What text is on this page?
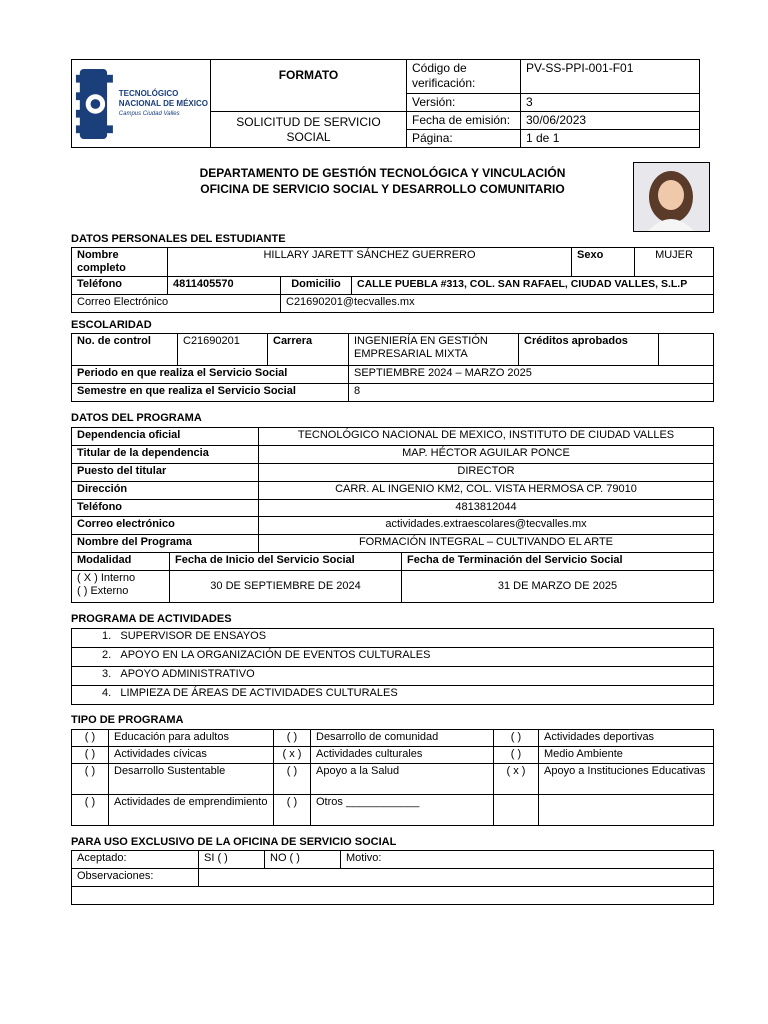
TECNOLÓGICO
NACIONAL DE MÉXICO
Campus Ciudad Valles	FORMATO	Código de verificación:	PV-SS-PPI-001-F01
		Versión:	3
	SOLICITUD DE SERVICIO SOCIAL	Fecha de emisión:	30/06/2023
		Página:	1 de 1
DEPARTAMENTO DE GESTIÓN TECNOLÓGICA Y VINCULACIÓN
OFICINA DE SERVICIO SOCIAL Y DESARROLLO COMUNITARIO
DATOS PERSONALES DEL ESTUDIANTE
Nombre completo	HILLARY JARETT SÁNCHEZ GUERRERO			Sexo	MUJER
Teléfono	4811405570	Domicilio	CALLE PUEBLA #313, COL. SAN RAFAEL, CIUDAD VALLES, S.L.P		
Correo Electrónico		C21690201@tecvalles.mx			
ESCOLARIDAD
No. de control	C21690201	Carrera	INGENIERÍA EN GESTIÓN EMPRESARIAL MIXTA	Créditos aprobados	
Periodo en que realiza el Servicio Social			SEPTIEMBRE 2024 – MARZO 2025		
Semestre en que realiza el Servicio Social			8		
DATOS DEL PROGRAMA
Dependencia oficial		TECNOLÓGICO NACIONAL DE MEXICO, INSTITUTO DE CIUDAD VALLES	
Titular de la dependencia		MAP. HÉCTOR AGUILAR PONCE	
Puesto del titular		DIRECTOR	
Dirección		CARR. AL INGENIO KM2, COL. VISTA HERMOSA CP. 79010	
Teléfono		4813812044	
Correo electrónico		actividades.extraescolares@tecvalles.mx	
Nombre del Programa		FORMACIÓN INTEGRAL – CULTIVANDO EL ARTE	
Modalidad	Fecha de Inicio del Servicio Social		Fecha de Terminación del Servicio Social

( X ) Interno
( ) Externo	30 DE SEPTIEMBRE DE 2024		31 DE MARZO DE 2025
PROGRAMA DE ACTIVIDADES
1. SUPERVISOR DE ENSAYOS
2. APOYO EN LA ORGANIZACIÓN DE EVENTOS CULTURALES
3. APOYO ADMINISTRATIVO
4. LIMPIEZA DE ÁREAS DE ACTIVIDADES CULTURALES
TIPO DE PROGRAMA
( )	Educación para adultos	( )	Desarrollo de comunidad	( )	Actividades deportivas
( )	Actividades cívicas	( x )	Actividades culturales	( )	Medio Ambiente
( )	Desarrollo Sustentable	( )	Apoyo a la Salud	( x )	Apoyo a Instituciones Educativas
( )	Actividades de emprendimiento	( )	Otros ____________		
PARA USO EXCLUSIVO DE LA OFICINA DE SERVICIO SOCIAL
Aceptado:	SI ( )	NO ( )	Motivo:
Observaciones:			
